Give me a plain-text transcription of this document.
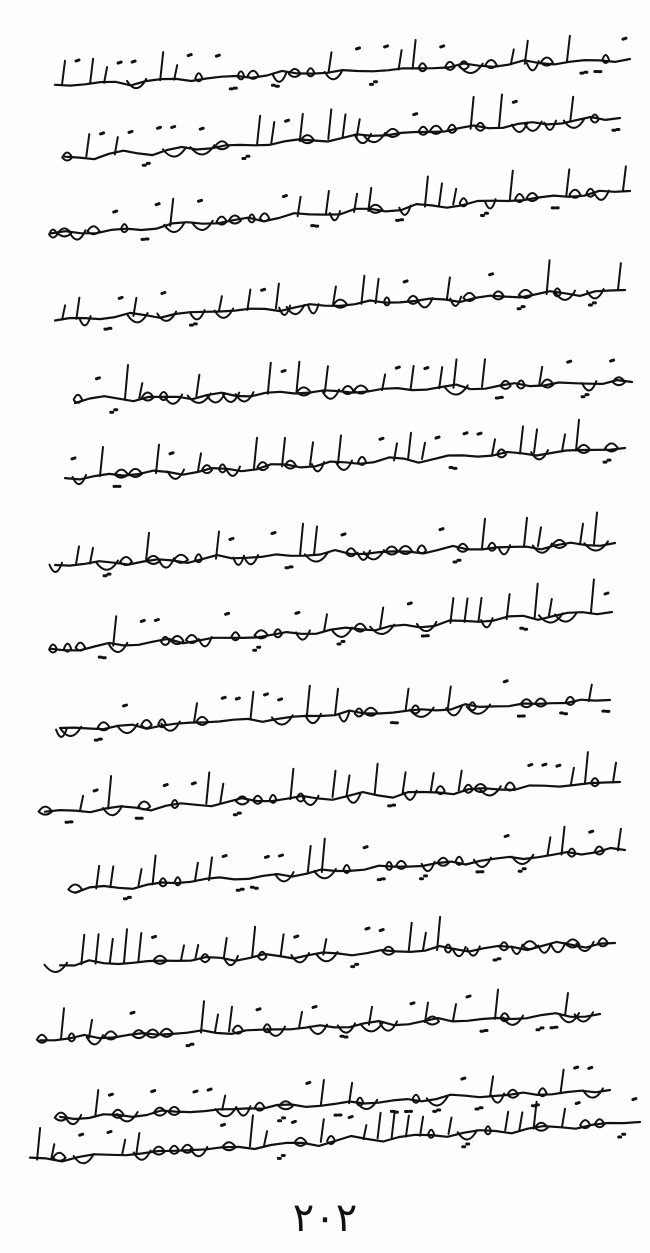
۲۰۲
